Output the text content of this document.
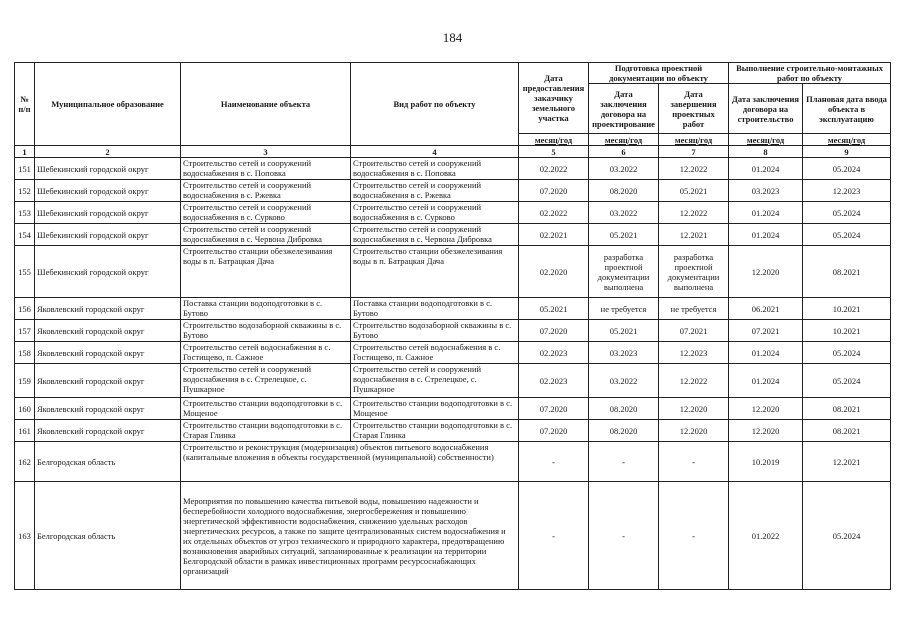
184
№ п/п	Муниципальное образование	Наименование объекта	Вид работ по объекту	Дата предоставления заказчику земельного участка	Подготовка проектной документации по объекту		Выполнение строительно-монтажных работ по объекту	
					Дата заключения договора на проектирование	Дата завершения проектных работ	Дата заключения договора на строительство	Плановая дата ввода объекта в эксплуатацию
				месяц/год	месяц/год	месяц/год	месяц/год	месяц/год
1	2	3	4	5	6	7	8	9
151	Шебекинский городской округ	Строительство сетей и сооружений водоснабжения в с. Поповка	Строительство сетей и сооружений водоснабжения в с. Поповка	02.2022	03.2022	12.2022	01.2024	05.2024
152	Шебекинский городской округ	Строительство сетей и сооружений водоснабжения в с. Ржевка	Строительство сетей и сооружений водоснабжения в с. Ржевка	07.2020	08.2020	05.2021	03.2023	12.2023
153	Шебекинский городской округ	Строительство сетей и сооружений водоснабжения в с. Сурково	Строительство сетей и сооружений водоснабжения в с. Сурково	02.2022	03.2022	12.2022	01.2024	05.2024
154	Шебекинский городской округ	Строительство сетей и сооружений водоснабжения в с. Червона Дибровка	Строительство сетей и сооружений водоснабжения в с. Червона Дибровка	02.2021	05.2021	12.2021	01.2024	05.2024
155	Шебекинский городской округ	Строительство станции обезжелезивания воды в п. Батрацкая Дача	Строительство станции обезжелезивания воды в п. Батрацкая Дача	02.2020	разработка проектной документации выполнена	разработка проектной документации выполнена	12.2020	08.2021
156	Яковлевский городской округ	Поставка станции водоподготовки в с. Бутово	Поставка станции водоподготовки в с. Бутово	05.2021	не требуется	не требуется	06.2021	10.2021
157	Яковлевский городской округ	Строительство водозаборной скважины в с. Бутово	Строительство водозаборной скважины в с. Бутово	07.2020	05.2021	07.2021	07.2021	10.2021
158	Яковлевский городской округ	Строительство сетей водоснабжения в с. Гостищево, п. Сажное	Строительство сетей водоснабжения в с. Гостищево, п. Сажное	02.2023	03.2023	12.2023	01.2024	05.2024
159	Яковлевский городской округ	Строительство сетей и сооружений водоснабжения в с. Стрелецкое, с. Пушкарное	Строительство сетей и сооружений водоснабжения в с. Стрелецкое, с. Пушкарное	02.2023	03.2022	12.2022	01.2024	05.2024
160	Яковлевский городской округ	Строительство станции водоподготовки в с. Мощеное	Строительство станции водоподготовки в с. Мощеное	07.2020	08.2020	12.2020	12.2020	08.2021
161	Яковлевский городской округ	Строительство станции водоподготовки в с. Старая Глинка	Строительство станции водоподготовки в с. Старая Глинка	07.2020	08.2020	12.2020	12.2020	08.2021
162	Белгородская область	Строительство и реконструкция (модернизация) объектов питьевого водоснабжения (капитальные вложения в объекты государственной (муниципальной) собственности)		-	-	-	10.2019	12.2021
163	Белгородская область	Мероприятия по повышению качества питьевой воды, повышению надежности и бесперебойности холодного водоснабжения, энергосбережения и повышению энергетической эффективности водоснабжения, снижению удельных расходов энергетических ресурсов, а также по защите централизованных систем водоснабжения и их отдельных объектов от угроз технического и природного характера, предотвращению возникновения аварийных ситуаций, запланированные к реализации на территории Белгородской области в рамках инвестиционных программ ресурсоснабжающих организаций		-	-	-	01.2022	05.2024
